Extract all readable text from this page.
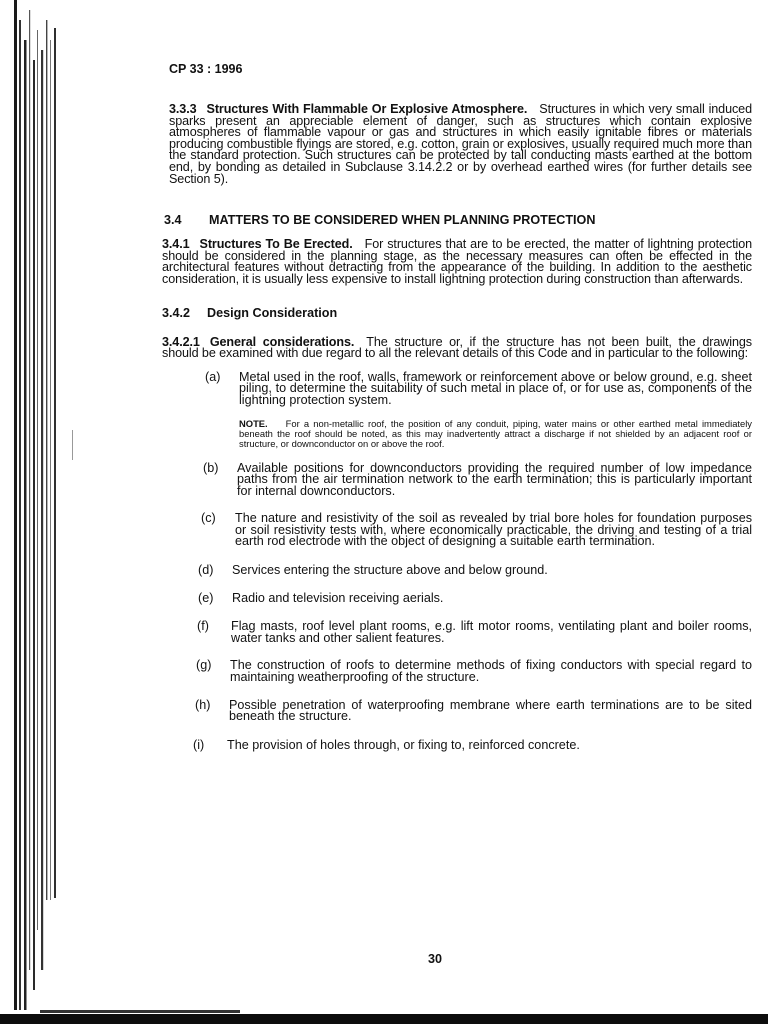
CP 33 : 1996

3.3.3 Structures With Flammable Or Explosive Atmosphere. Structures in which very small induced sparks present an appreciable element of danger, such as structures which contain explosive atmospheres of flammable vapour or gas and structures in which easily ignitable fibres or materials producing combustible flyings are stored, e.g. cotton, grain or explosives, usually required much more than the standard protection. Such structures can be protected by tall conducting masts earthed at the bottom end, by bonding as detailed in Subclause 3.14.2.2 or by overhead earthed wires (for further details see Section 5).

3.4	MATTERS TO BE CONSIDERED WHEN PLANNING PROTECTION

3.4.1 Structures To Be Erected. For structures that are to be erected, the matter of lightning protection should be considered in the planning stage, as the necessary measures can often be effected in the architectural features without detracting from the appearance of the building. In addition to the aesthetic consideration, it is usually less expensive to install lightning protection during construction than afterwards.

3.4.2	Design Consideration

3.4.2.1 General considerations. The structure or, if the structure has not been built, the drawings should be examined with due regard to all the relevant details of this Code and in particular to the following:

(a)	Metal used in the roof, walls, framework or reinforcement above or below ground, e.g. sheet piling, to determine the suitability of such metal in place of, or for use as, components of the lightning protection system.
NOTE. For a non-metallic roof, the position of any conduit, piping, water mains or other earthed metal immediately beneath the roof should be noted, as this may inadvertently attract a discharge if not shielded by an adjacent roof or structure, or downconductor on or above the roof.
(b)	Available positions for downconductors providing the required number of low impedance paths from the air termination network to the earth termination; this is particularly important for internal downconductors.
(c)	The nature and resistivity of the soil as revealed by trial bore holes for foundation purposes or soil resistivity tests with, where economically practicable, the driving and testing of a trial earth rod electrode with the object of designing a suitable earth termination.
(d)	Services entering the structure above and below ground.
(e)	Radio and television receiving aerials.
(f)	Flag masts, roof level plant rooms, e.g. lift motor rooms, ventilating plant and boiler rooms, water tanks and other salient features.
(g)	The construction of roofs to determine methods of fixing conductors with special regard to maintaining weatherproofing of the structure.
(h)	Possible penetration of waterproofing membrane where earth terminations are to be sited beneath the structure.
(i)	The provision of holes through, or fixing to, reinforced concrete.
30
